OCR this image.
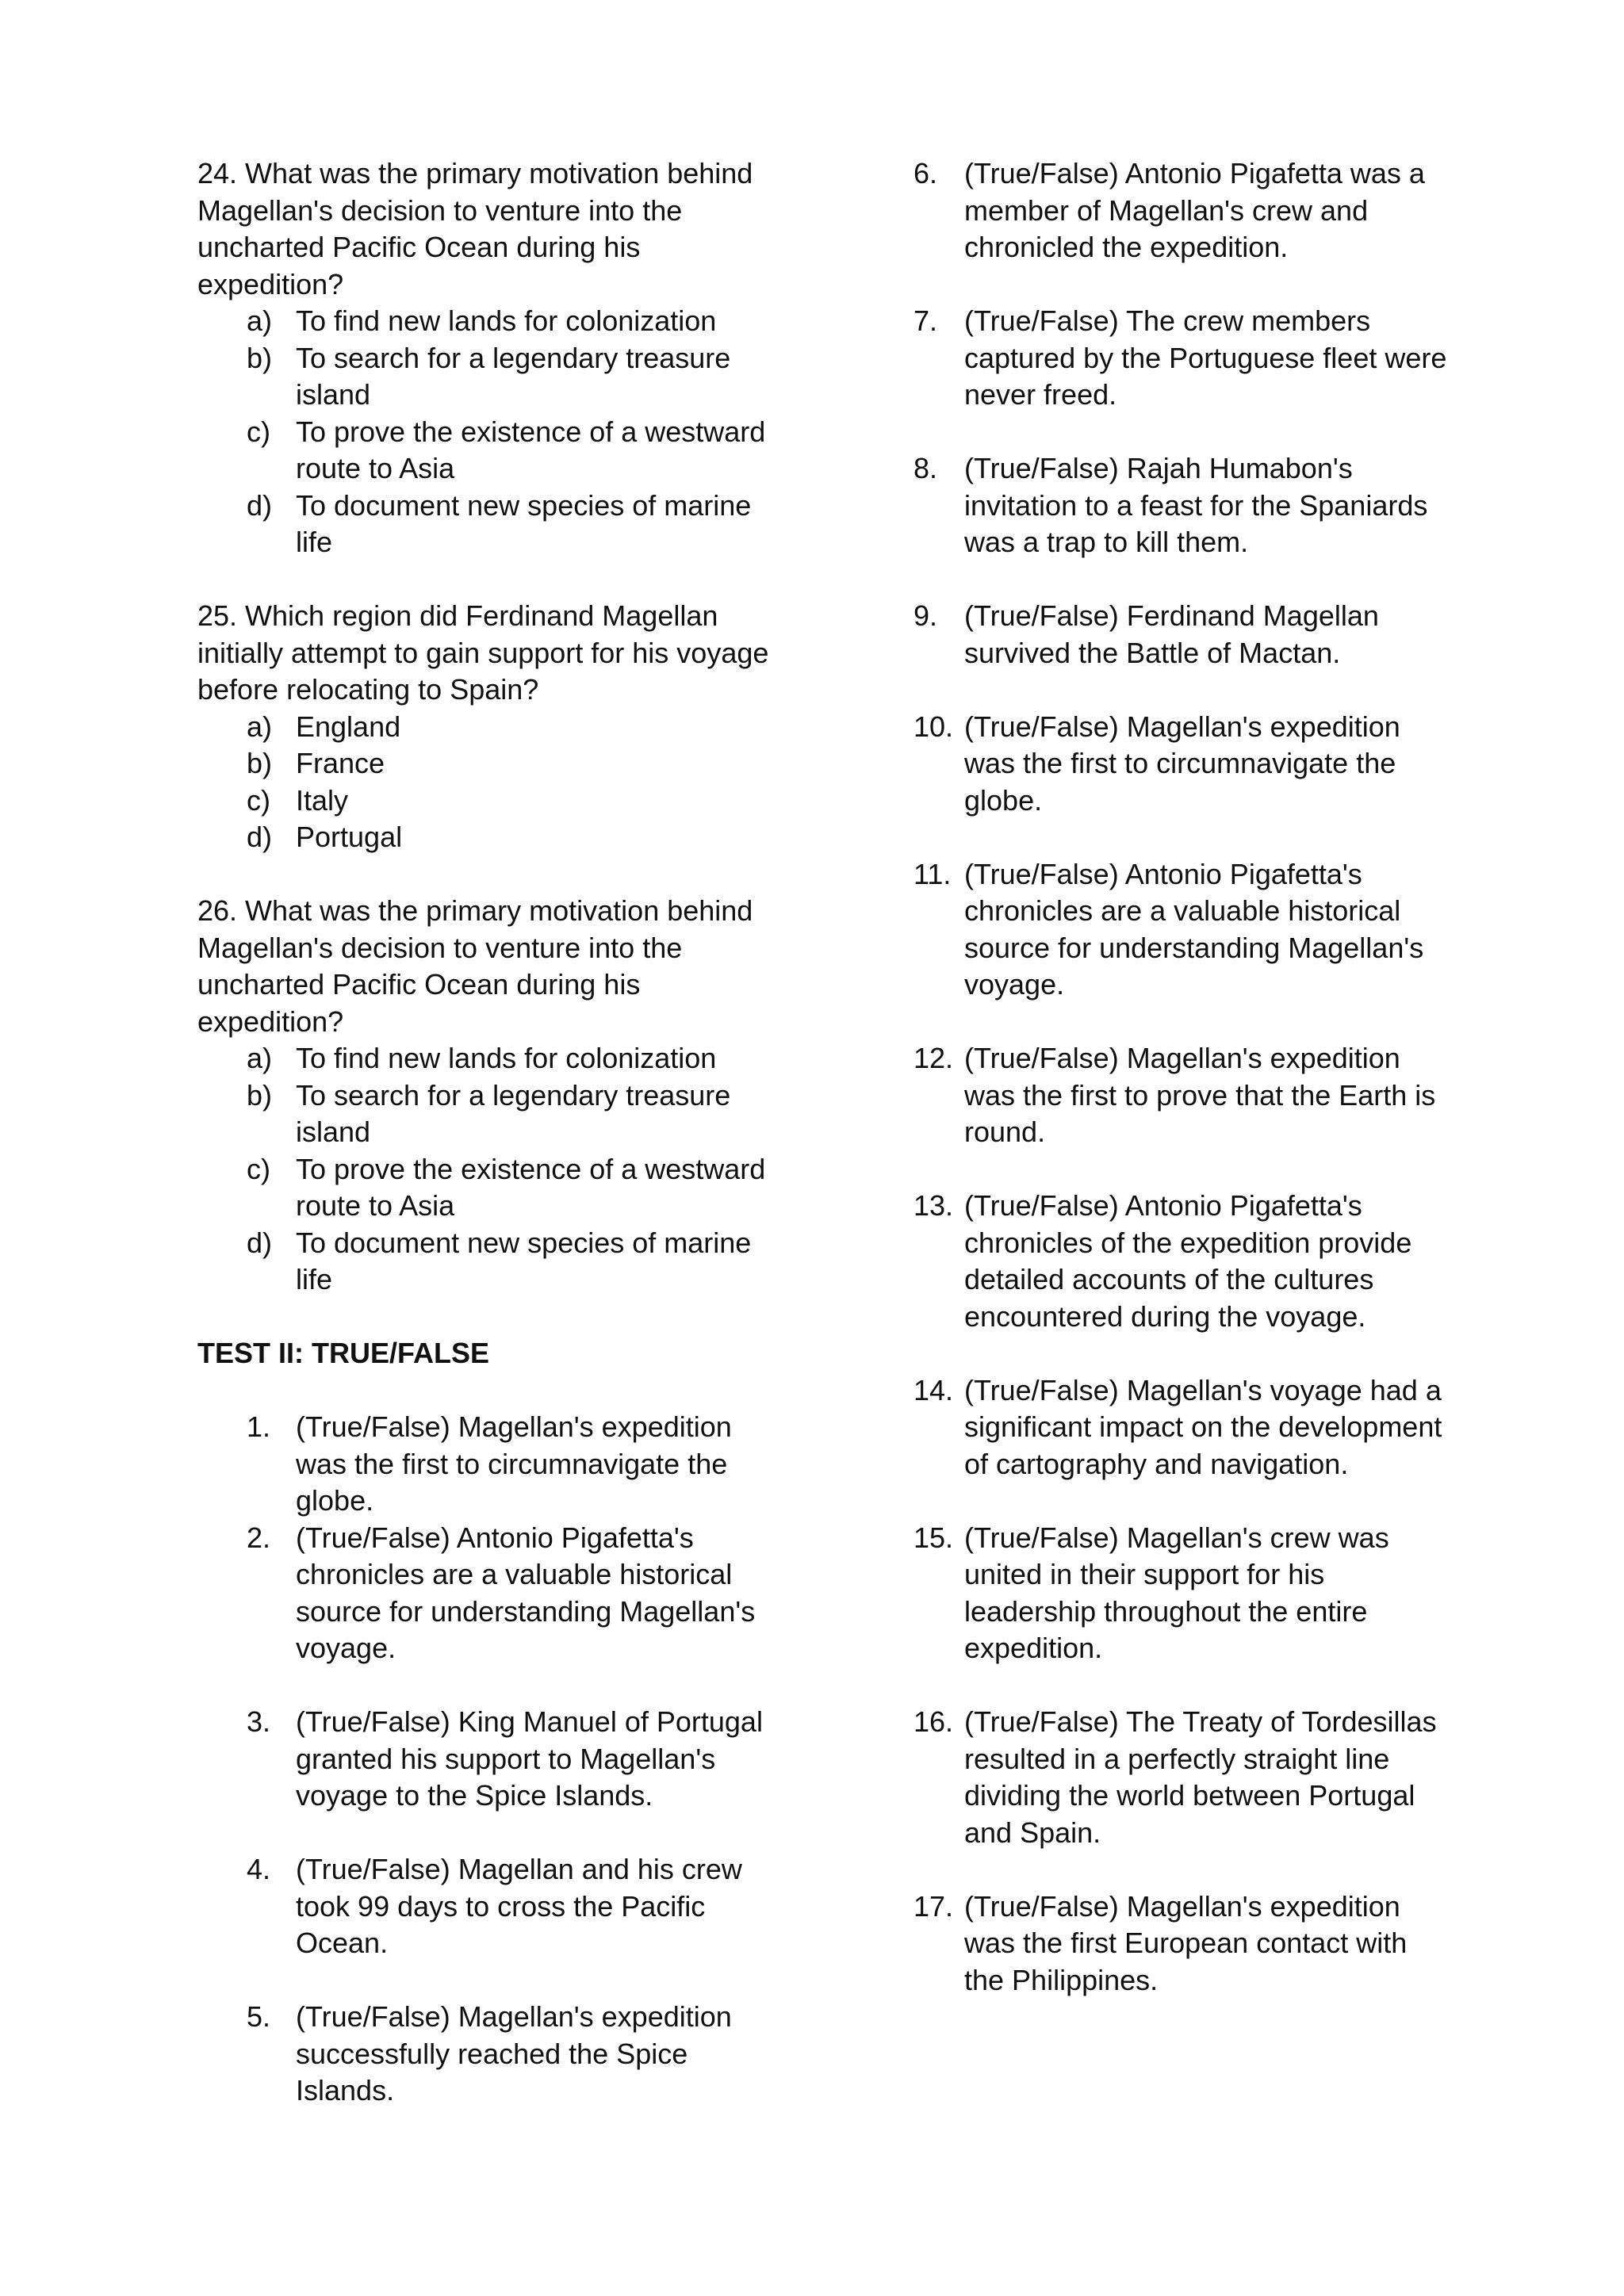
24. What was the primary motivation behind Magellan's decision to venture into the uncharted Pacific Ocean during his expedition?

a) To find new lands for colonization
b) To search for a legendary treasure island
c) To prove the existence of a westward route to Asia
d) To document new species of marine life

25. Which region did Ferdinand Magellan initially attempt to gain support for his voyage before relocating to Spain?

a) England
b) France
c) Italy
d) Portugal

26. What was the primary motivation behind Magellan's decision to venture into the uncharted Pacific Ocean during his expedition?

a) To find new lands for colonization
b) To search for a legendary treasure island
c) To prove the existence of a westward route to Asia
d) To document new species of marine life

TEST II: TRUE/FALSE

1. (True/False) Magellan's expedition was the first to circumnavigate the globe.
2. (True/False) Antonio Pigafetta's chronicles are a valuable historical source for understanding Magellan's voyage.
3. (True/False) King Manuel of Portugal granted his support to Magellan's voyage to the Spice Islands.
4. (True/False) Magellan and his crew took 99 days to cross the Pacific Ocean.
5. (True/False) Magellan's expedition successfully reached the Spice Islands.
6. (True/False) Antonio Pigafetta was a member of Magellan's crew and chronicled the expedition.
7. (True/False) The crew members captured by the Portuguese fleet were never freed.
8. (True/False) Rajah Humabon's invitation to a feast for the Spaniards was a trap to kill them.
9. (True/False) Ferdinand Magellan survived the Battle of Mactan.
10. (True/False) Magellan's expedition was the first to circumnavigate the globe.
11. (True/False) Antonio Pigafetta's chronicles are a valuable historical source for understanding Magellan's voyage.
12. (True/False) Magellan's expedition was the first to prove that the Earth is round.
13. (True/False) Antonio Pigafetta's chronicles of the expedition provide detailed accounts of the cultures encountered during the voyage.
14. (True/False) Magellan's voyage had a significant impact on the development of cartography and navigation.
15. (True/False) Magellan's crew was united in their support for his leadership throughout the entire expedition.
16. (True/False) The Treaty of Tordesillas resulted in a perfectly straight line dividing the world between Portugal and Spain.
17. (True/False) Magellan's expedition was the first European contact with the Philippines.
